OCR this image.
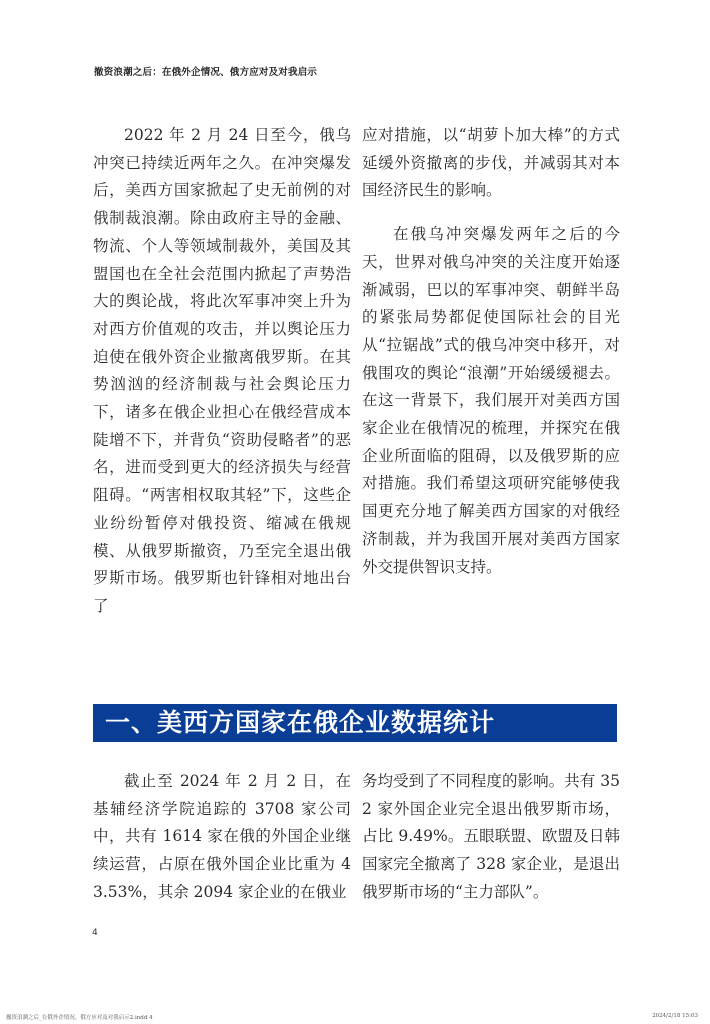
撤资浪潮之后：在俄外企情况、俄方应对及对我启示

2022 年 2 月 24 日至今，俄乌冲突已持续近两年之久。在冲突爆发后，美西方国家掀起了史无前例的对俄制裁浪潮。除由政府主导的金融、物流、个人等领域制裁外，美国及其盟国也在全社会范围内掀起了声势浩大的舆论战，将此次军事冲突上升为对西方价值观的攻击，并以舆论压力迫使在俄外资企业撤离俄罗斯。在其势汹汹的经济制裁与社会舆论压力下，诸多在俄企业担心在俄经营成本陡增不下，并背负“资助侵略者”的恶名，进而受到更大的经济损失与经营阻碍。“两害相权取其轻”下，这些企业纷纷暂停对俄投资、缩减在俄规模、从俄罗斯撤资，乃至完全退出俄罗斯市场。俄罗斯也针锋相对地出台了

应对措施，以“胡萝卜加大棒”的方式延缓外资撤离的步伐，并减弱其对本国经济民生的影响。

在俄乌冲突爆发两年之后的今天，世界对俄乌冲突的关注度开始逐渐减弱，巴以的军事冲突、朝鲜半岛的紧张局势都促使国际社会的目光从“拉锯战”式的俄乌冲突中移开，对俄围攻的舆论“浪潮”开始缓缓褪去。在这一背景下，我们展开对美西方国家企业在俄情况的梳理，并探究在俄企业所面临的阻碍，以及俄罗斯的应对措施。我们希望这项研究能够使我国更充分地了解美西方国家的对俄经济制裁，并为我国开展对美西方国家外交提供智识支持。

一、美西方国家在俄企业数据统计

截止至 2024 年 2 月 2 日，在基辅经济学院追踪的 3708 家公司中，共有 1614 家在俄的外国企业继续运营，占原在俄外国企业比重为 43.53%，其余 2094 家企业的在俄业

务均受到了不同程度的影响。共有 352 家外国企业完全退出俄罗斯市场，占比 9.49%。五眼联盟、欧盟及日韩国家完全撤离了 328 家企业，是退出俄罗斯市场的“主力部队”。

4
撤资浪潮之后_在俄外企情况、俄方应对及对我启示2.indd 4	2024/2/18 15:03
